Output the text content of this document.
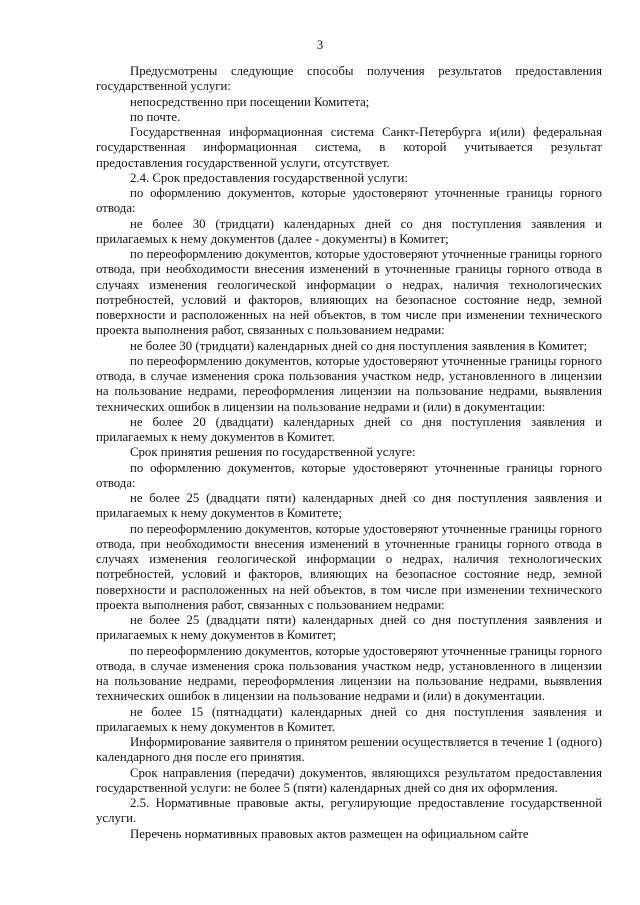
3

Предусмотрены следующие способы получения результатов предоставления государственной услуги:

непосредственно при посещении Комитета;

по почте.

Государственная информационная система Санкт-Петербурга и(или) федеральная государственная информационная система, в которой учитывается результат предоставления государственной услуги, отсутствует.

2.4. Срок предоставления государственной услуги:

по оформлению документов, которые удостоверяют уточненные границы горного отвода:

не более 30 (тридцати) календарных дней со дня поступления заявления и прилагаемых к нему документов (далее - документы) в Комитет;

по переоформлению документов, которые удостоверяют уточненные границы горного отвода, при необходимости внесения изменений в уточненные границы горного отвода в случаях изменения геологической информации о недрах, наличия технологических потребностей, условий и факторов, влияющих на безопасное состояние недр, земной поверхности и расположенных на ней объектов, в том числе при изменении технического проекта выполнения работ, связанных с пользованием недрами:

не более 30 (тридцати) календарных дней со дня поступления заявления в Комитет;

по переоформлению документов, которые удостоверяют уточненные границы горного отвода, в случае изменения срока пользования участком недр, установленного в лицензии на пользование недрами, переоформления лицензии на пользование недрами, выявления технических ошибок в лицензии на пользование недрами и (или) в документации:

не более 20 (двадцати) календарных дней со дня поступления заявления и прилагаемых к нему документов в Комитет.

Срок принятия решения по государственной услуге:

по оформлению документов, которые удостоверяют уточненные границы горного отвода:

не более 25 (двадцати пяти) календарных дней со дня поступления заявления и прилагаемых к нему документов в Комитете;

по переоформлению документов, которые удостоверяют уточненные границы горного отвода, при необходимости внесения изменений в уточненные границы горного отвода в случаях изменения геологической информации о недрах, наличия технологических потребностей, условий и факторов, влияющих на безопасное состояние недр, земной поверхности и расположенных на ней объектов, в том числе при изменении технического проекта выполнения работ, связанных с пользованием недрами:

не более 25 (двадцати пяти) календарных дней со дня поступления заявления и прилагаемых к нему документов в Комитет;

по переоформлению документов, которые удостоверяют уточненные границы горного отвода, в случае изменения срока пользования участком недр, установленного в лицензии на пользование недрами, переоформления лицензии на пользование недрами, выявления технических ошибок в лицензии на пользование недрами и (или) в документации.

не более 15 (пятнадцати) календарных дней со дня поступления заявления и прилагаемых к нему документов в Комитет.

Информирование заявителя о принятом решении осуществляется в течение 1 (одного) календарного дня после его принятия.

Срок направления (передачи) документов, являющихся результатом предоставления государственной услуги: не более 5 (пяти) календарных дней со дня их оформления.

2.5. Нормативные правовые акты, регулирующие предоставление государственной услуги.

Перечень нормативных правовых актов размещен на официальном сайте
